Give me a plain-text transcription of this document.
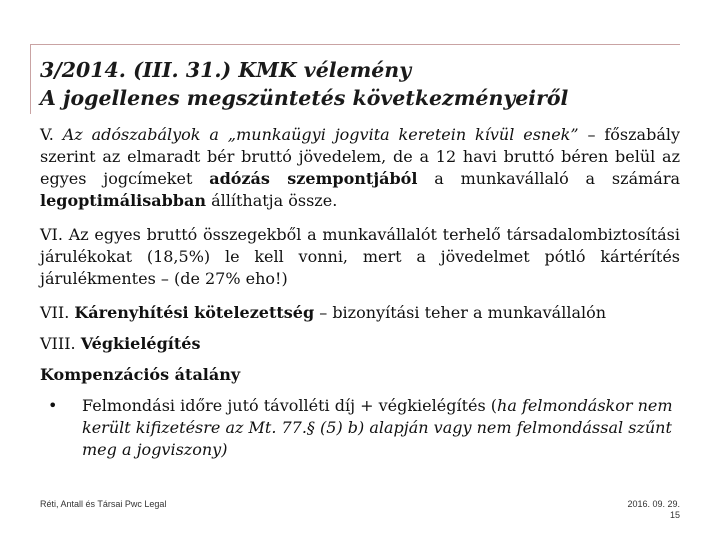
3/2014. (III. 31.) KMK vélemény
A jogellenes megszüntetés következményeiről

V. Az adószabályok a „munkaügyi jogvita keretein kívül esnek” – főszabály szerint az elmaradt bér bruttó jövedelem, de a 12 havi bruttó béren belül az egyes jogcímeket adózás szempontjából a munkavállaló a számára legoptimálisabban állíthatja össze.

VI. Az egyes bruttó összegekből a munkavállalót terhelő társadalombiztosítási járulékokat (18,5%) le kell vonni, mert a jövedelmet pótló kártérítés járulékmentes – (de 27% eho!)

VII. Kárenyhítési kötelezettség – bizonyítási teher a munkavállalón

VIII. Végkielégítés

Kompenzációs átalány

•	Felmondási időre jutó távolléti díj + végkielégítés (ha felmondáskor nem került kifizetésre az Mt. 77.§ (5) b) alapján vagy nem felmondással szűnt meg a jogviszony)
Réti, Antall és Társai Pwc Legal	2016. 09. 29.
15
